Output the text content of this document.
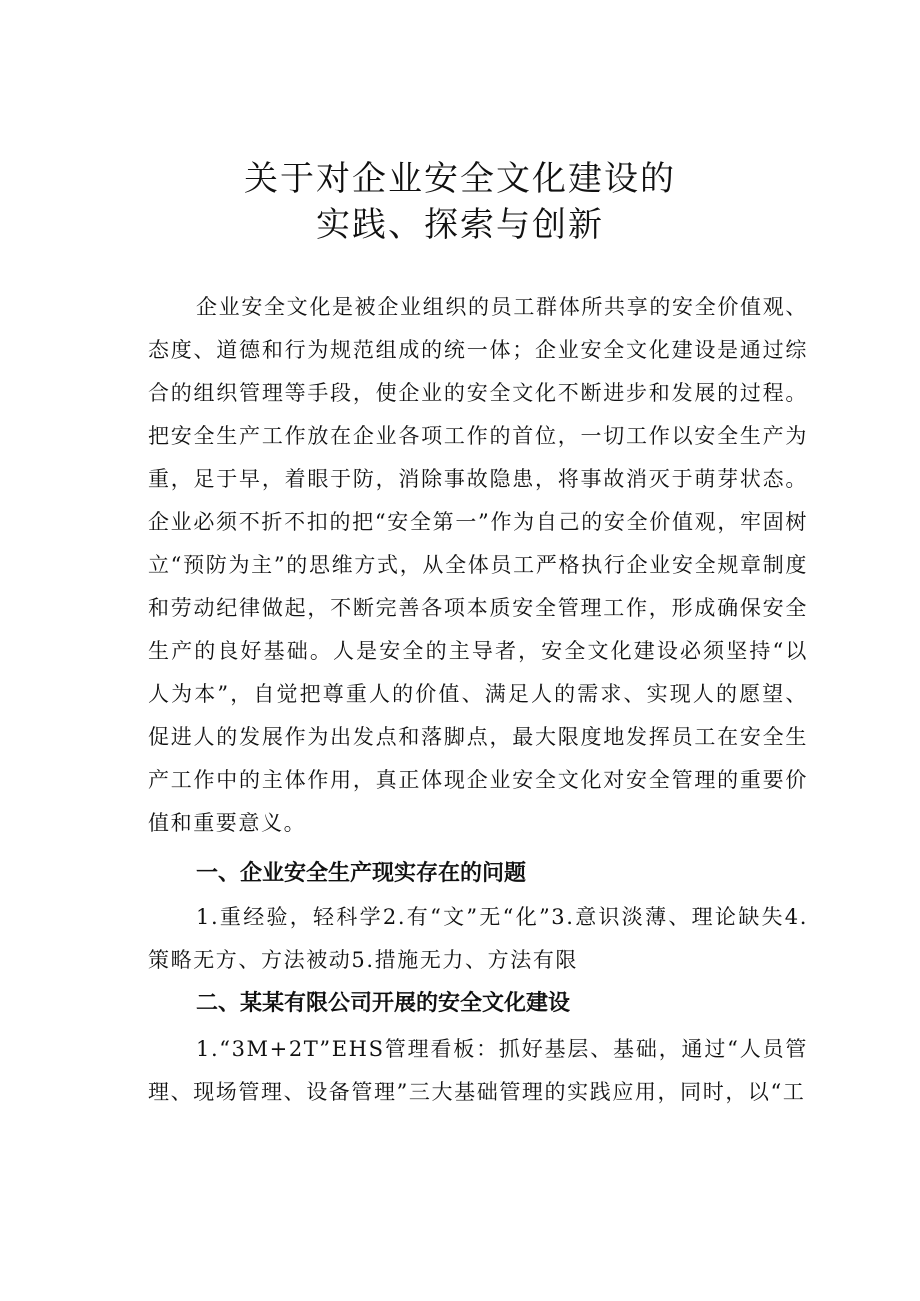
关于对企业安全文化建设的
实践、探索与创新

企业安全文化是被企业组织的员工群体所共享的安全价值观、态度、道德和行为规范组成的统一体；企业安全文化建设是通过综合的组织管理等手段，使企业的安全文化不断进步和发展的过程。把安全生产工作放在企业各项工作的首位，一切工作以安全生产为重，足于早，着眼于防，消除事故隐患，将事故消灭于萌芽状态。企业必须不折不扣的把“安全第一”作为自己的安全价值观，牢固树立“预防为主”的思维方式，从全体员工严格执行企业安全规章制度和劳动纪律做起，不断完善各项本质安全管理工作，形成确保安全生产的良好基础。人是安全的主导者，安全文化建设必须坚持“以人为本”，自觉把尊重人的价值、满足人的需求、实现人的愿望、促进人的发展作为出发点和落脚点，最大限度地发挥员工在安全生产工作中的主体作用，真正体现企业安全文化对安全管理的重要价值和重要意义。

一、企业安全生产现实存在的问题

1.重经验，轻科学2.有“文”无“化”3.意识淡薄、理论缺失4.策略无方、方法被动5.措施无力、方法有限

二、某某有限公司开展的安全文化建设

1.“3M+2T”EHS管理看板：抓好基层、基础，通过“人员管理、现场管理、设备管理”三大基础管理的实践应用，同时，以“工
